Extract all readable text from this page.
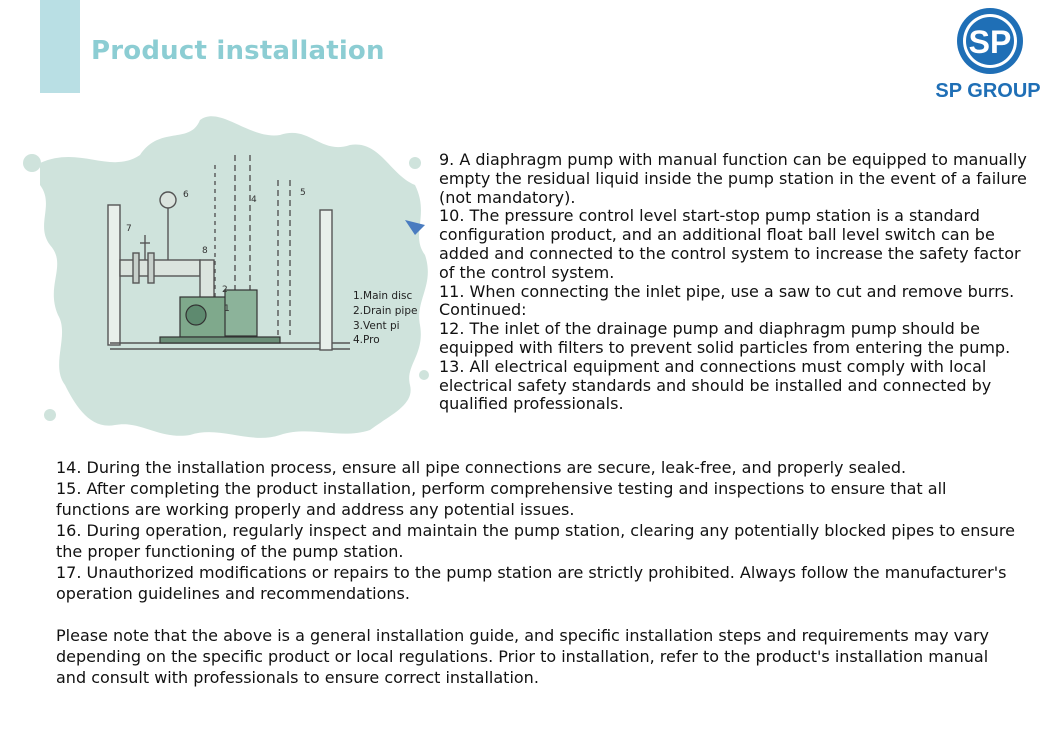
Product installation	SP
SP GROUP
6
7
8
4
5
2
1
1.Main disc
2.Drain pipe
3.Vent pi
4.Pro

9. A diaphragm pump with manual function can be equipped to manually empty the residual liquid inside the pump station in the event of a failure (not mandatory).

10. The pressure control level start-stop pump station is a standard configuration product, and an additional float ball level switch can be added and connected to the control system to increase the safety factor of the control system.

11. When connecting the inlet pipe, use a saw to cut and remove burrs.

Continued:

12. The inlet of the drainage pump and diaphragm pump should be equipped with filters to prevent solid particles from entering the pump.

13. All electrical equipment and connections must comply with local electrical safety standards and should be installed and connected by qualified professionals.

14. During the installation process, ensure all pipe connections are secure, leak-free, and properly sealed.

15. After completing the product installation, perform comprehensive testing and inspections to ensure that all functions are working properly and address any potential issues.

16. During operation, regularly inspect and maintain the pump station, clearing any potentially blocked pipes to ensure the proper functioning of the pump station.

17. Unauthorized modifications or repairs to the pump station are strictly prohibited. Always follow the manufacturer's operation guidelines and recommendations.

Please note that the above is a general installation guide, and specific installation steps and requirements may vary depending on the specific product or local regulations. Prior to installation, refer to the product's installation manual and consult with professionals to ensure correct installation.
